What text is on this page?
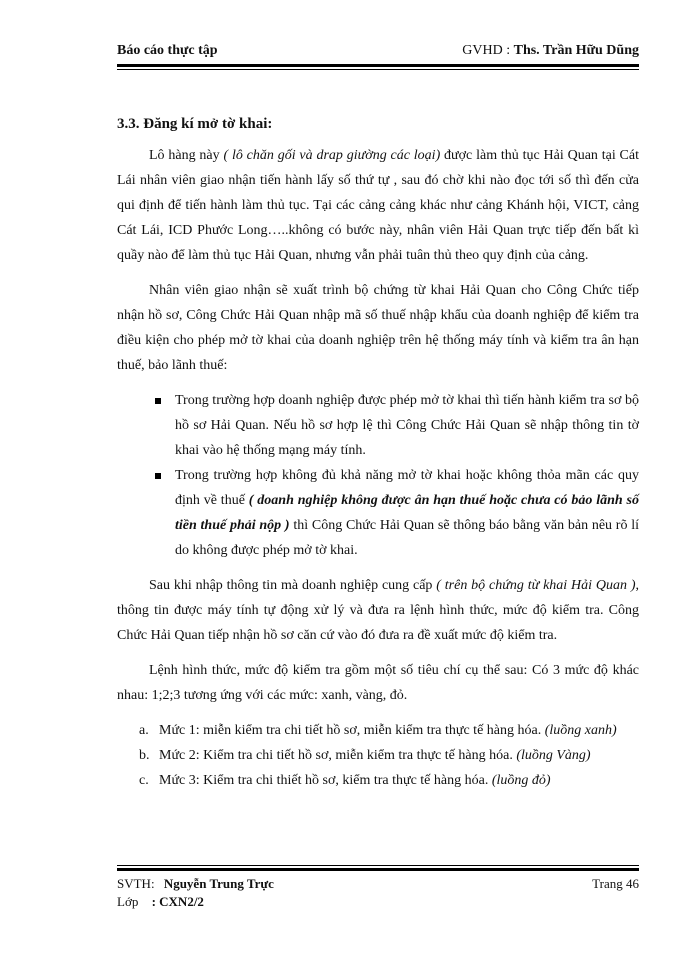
Báo cáo thực tập	GVHD : Ths. Trần Hữu Dũng
3.3. Đăng kí mở tờ khai:

Lô hàng này ( lô chăn gối và drap giường các loại) được làm thủ tục Hải Quan tại Cát Lái nhân viên giao nhận tiến hành lấy số thứ tự , sau đó chờ khi nào đọc tới số thì đến cửa qui định để tiến hành làm thủ tục. Tại các cảng cảng khác như cảng Khánh hội, VICT, cảng Cát Lái, ICD Phước Long…..không có bước này, nhân viên Hải Quan trực tiếp đến bất kì quầy nào để làm thủ tục Hải Quan, nhưng vẫn phải tuân thủ theo quy định của cảng.

Nhân viên giao nhận sẽ xuất trình bộ chứng từ khai Hải Quan cho Công Chức tiếp nhận hồ sơ, Công Chức Hải Quan nhập mã số thuế nhập khẩu của doanh nghiệp để kiểm tra điều kiện cho phép mở tờ khai của doanh nghiệp trên hệ thống máy tính và kiểm tra ân hạn thuế, bảo lãnh thuế:

Trong trường hợp doanh nghiệp được phép mở tờ khai thì tiến hành kiểm tra sơ bộ hồ sơ Hải Quan. Nếu hồ sơ hợp lệ thì Công Chức Hải Quan sẽ nhập thông tin tờ khai vào hệ thống mạng máy tính.
Trong trường hợp không đủ khả năng mở tờ khai hoặc không thỏa mãn các quy định về thuế ( doanh nghiệp không được ân hạn thuế hoặc chưa có bảo lãnh số tiền thuế phải nộp ) thì Công Chức Hải Quan sẽ thông báo bằng văn bản nêu rõ lí do không được phép mở tờ khai.

Sau khi nhập thông tin mà doanh nghiệp cung cấp ( trên bộ chứng từ khai Hải Quan ), thông tin được máy tính tự động xử lý và đưa ra lệnh hình thức, mức độ kiểm tra. Công Chức Hải Quan tiếp nhận hồ sơ căn cứ vào đó đưa ra đề xuất mức độ kiểm tra.

Lệnh hình thức, mức độ kiểm tra gồm một số tiêu chí cụ thể sau: Có 3 mức độ khác nhau: 1;2;3 tương ứng với các mức: xanh, vàng, đỏ.

a. Mức 1: miễn kiểm tra chi tiết hồ sơ, miễn kiểm tra thực tế hàng hóa. (luồng xanh)
b. Mức 2: Kiểm tra chi tiết hồ sơ, miễn kiểm tra thực tế hàng hóa. (luồng Vàng)
c. Mức 3: Kiểm tra chi thiết hồ sơ, kiểm tra thực tế hàng hóa. (luồng đỏ)
SVTH: Nguyễn Trung Trực	Trang 46
Lớp : CXN2/2
